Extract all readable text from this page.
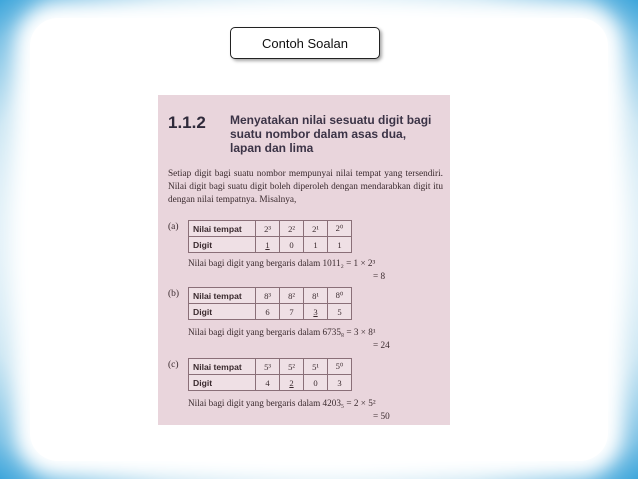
Contoh Soalan
1.1.2	Menyatakan nilai sesuatu digit bagi suatu nombor dalam asas dua, lapan dan lima
Setiap digit bagi suatu nombor mempunyai nilai tempat yang tersendiri. Nilai digit bagi suatu digit boleh diperoleh dengan mendarabkan digit itu dengan nilai tempatnya. Misalnya,
(a) Nilai tempat	2³	2²	2¹	2⁰
Digit	1	0	1	1
Nilai bagi digit yang bergaris dalam 1011₂ = 1 × 2³
= 8
(b) Nilai tempat	8³	8²	8¹	8⁰
Digit	6	7	3	5
Nilai bagi digit yang bergaris dalam 6735₈ = 3 × 8¹
= 24
(c) Nilai tempat	5³	5²	5¹	5⁰
Digit	4	2	0	3
Nilai bagi digit yang bergaris dalam 4203₅ = 2 × 5²
= 50
